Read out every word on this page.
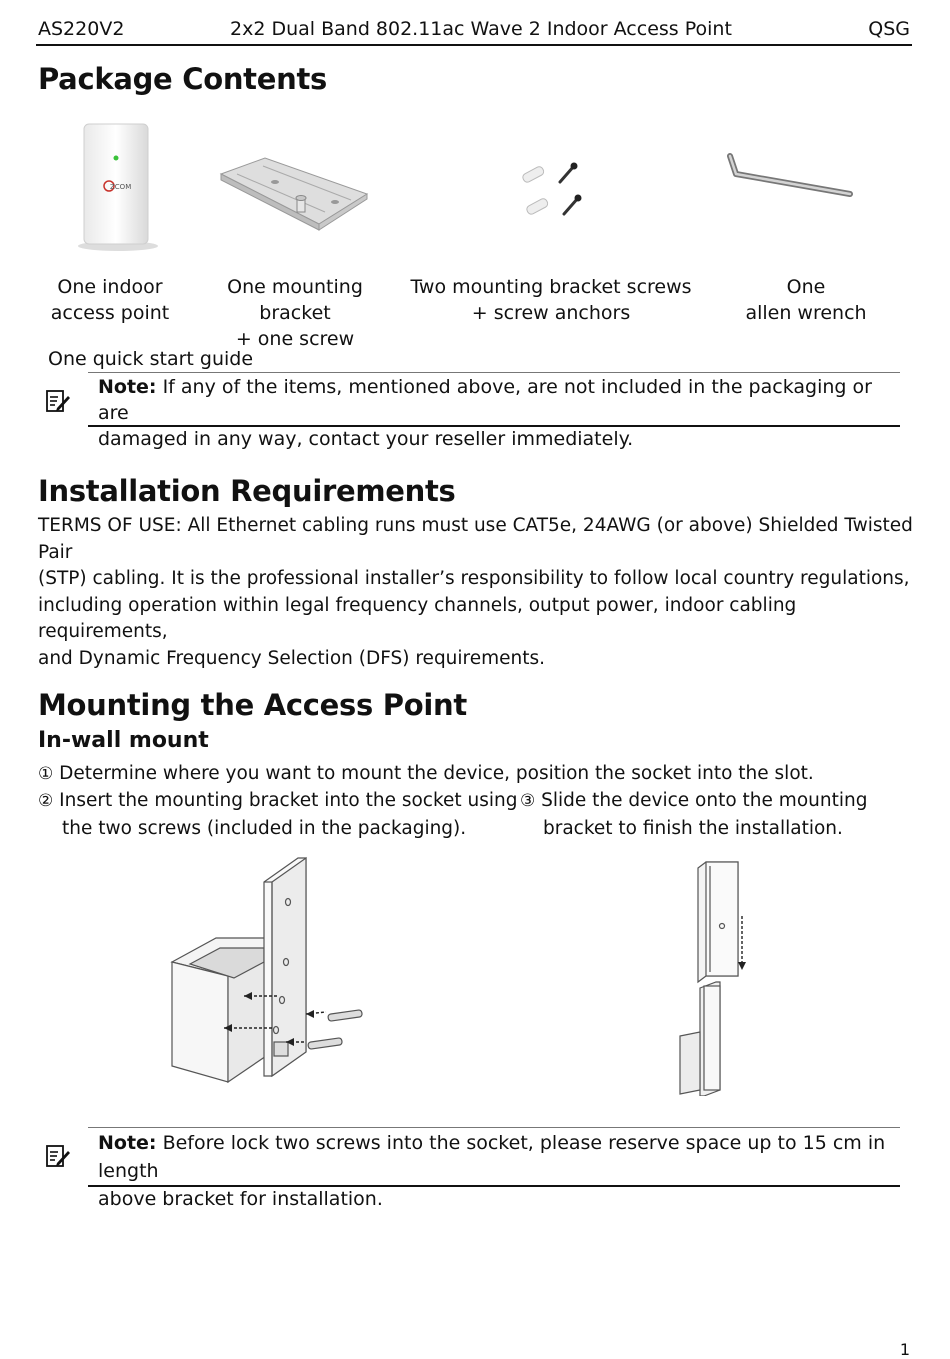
AS220V2	2x2 Dual Band 802.11ac Wave 2 Indoor Access Point	QSG
Package Contents
ZCOM
One indoor
access point
One mounting bracket
+ one screw
Two mounting bracket screws
+ screw anchors
One
allen wrench
One quick start guide
Note: If any of the items, mentioned above, are not included in the packaging or are
damaged in any way, contact your reseller immediately.
Installation Requirements
TERMS OF USE: All Ethernet cabling runs must use CAT5e, 24AWG (or above) Shielded Twisted Pair
(STP) cabling. It is the professional installer’s responsibility to follow local country regulations,
including operation within legal frequency channels, output power, indoor cabling requirements,
and Dynamic Frequency Selection (DFS) requirements.
Mounting the Access Point
In-wall mount
① Determine where you want to mount the device, position the socket into the slot.
② Insert the mounting bracket into the socket using
the two screws (included in the packaging).
③ Slide the device onto the mounting
bracket to finish the installation.
Note: Before lock two screws into the socket, please reserve space up to 15 cm in length
above bracket for installation.
1
